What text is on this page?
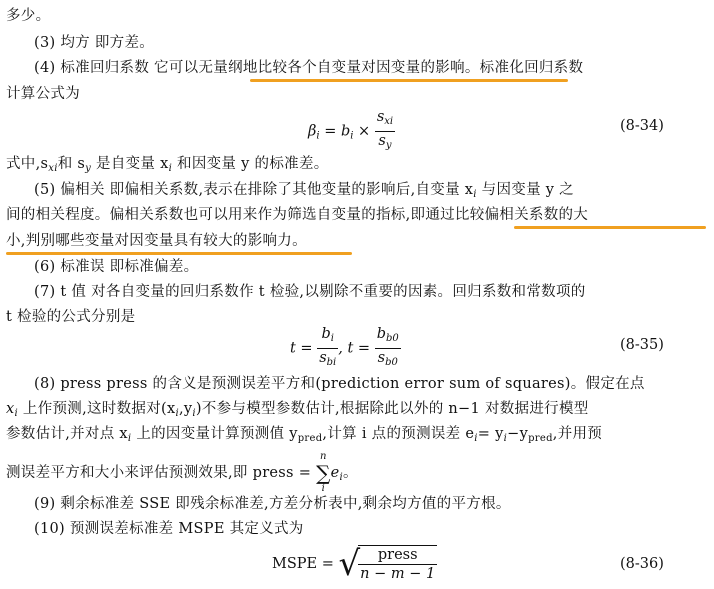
多少。
(3) 均方 即方差。
(4) 标准回归系数 它可以无量纲地比较各个自变量对因变量的影响。标准化回归系数
计算公式为
$\beta_i = b_i \times \frac{s_{xi}}{s_y}$	(8-34)
式中$,s_{xi}$和 $s_y$ 是自变量 $x_i$ 和因变量 y 的标准差。
(5) 偏相关 即偏相关系数,表示在排除了其他变量的影响后,自变量 $x_i$ 与因变量 y 之
间的相关程度。偏相关系数也可以用来作为筛选自变量的指标,即通过比较偏相关系数的大
小,判别哪些变量对因变量具有较大的影响力。
(6) 标准误 即标准偏差。
(7) t 值 对各自变量的回归系数作 t 检验,以剔除不重要的因素。回归系数和常数项的
t 检验的公式分别是
$t = \frac{b_i}{s_{bi}}$ , $t = \frac{b_{b0}}{s_{b0}}$	(8-35)
(8) press press 的含义是预测误差平方和(prediction error sum of squares)。假定在点
$x_i$ 上作预测,这时数据对$(x_i,y_i)$不参与模型参数估计,根据除此以外的 n−1 对数据进行模型
参数估计,并对点 $x_i$ 上的因变量计算预测值 $y_{pred}$,计算 i 点的预测误差 $e_i= y_i-y_{pred}$,并用预
测误差平方和大小来评估预测效果,即 press =
n
∑
i
$e_i$。
(9) 剩余标准差 SSE 即残余标准差,方差分析表中,剩余均方值的平方根。
(10) 预测误差标准差 MSPE 其定义式为
MSPE = √
$\frac{\text{press}}{n - m - 1}$	(8-36)
